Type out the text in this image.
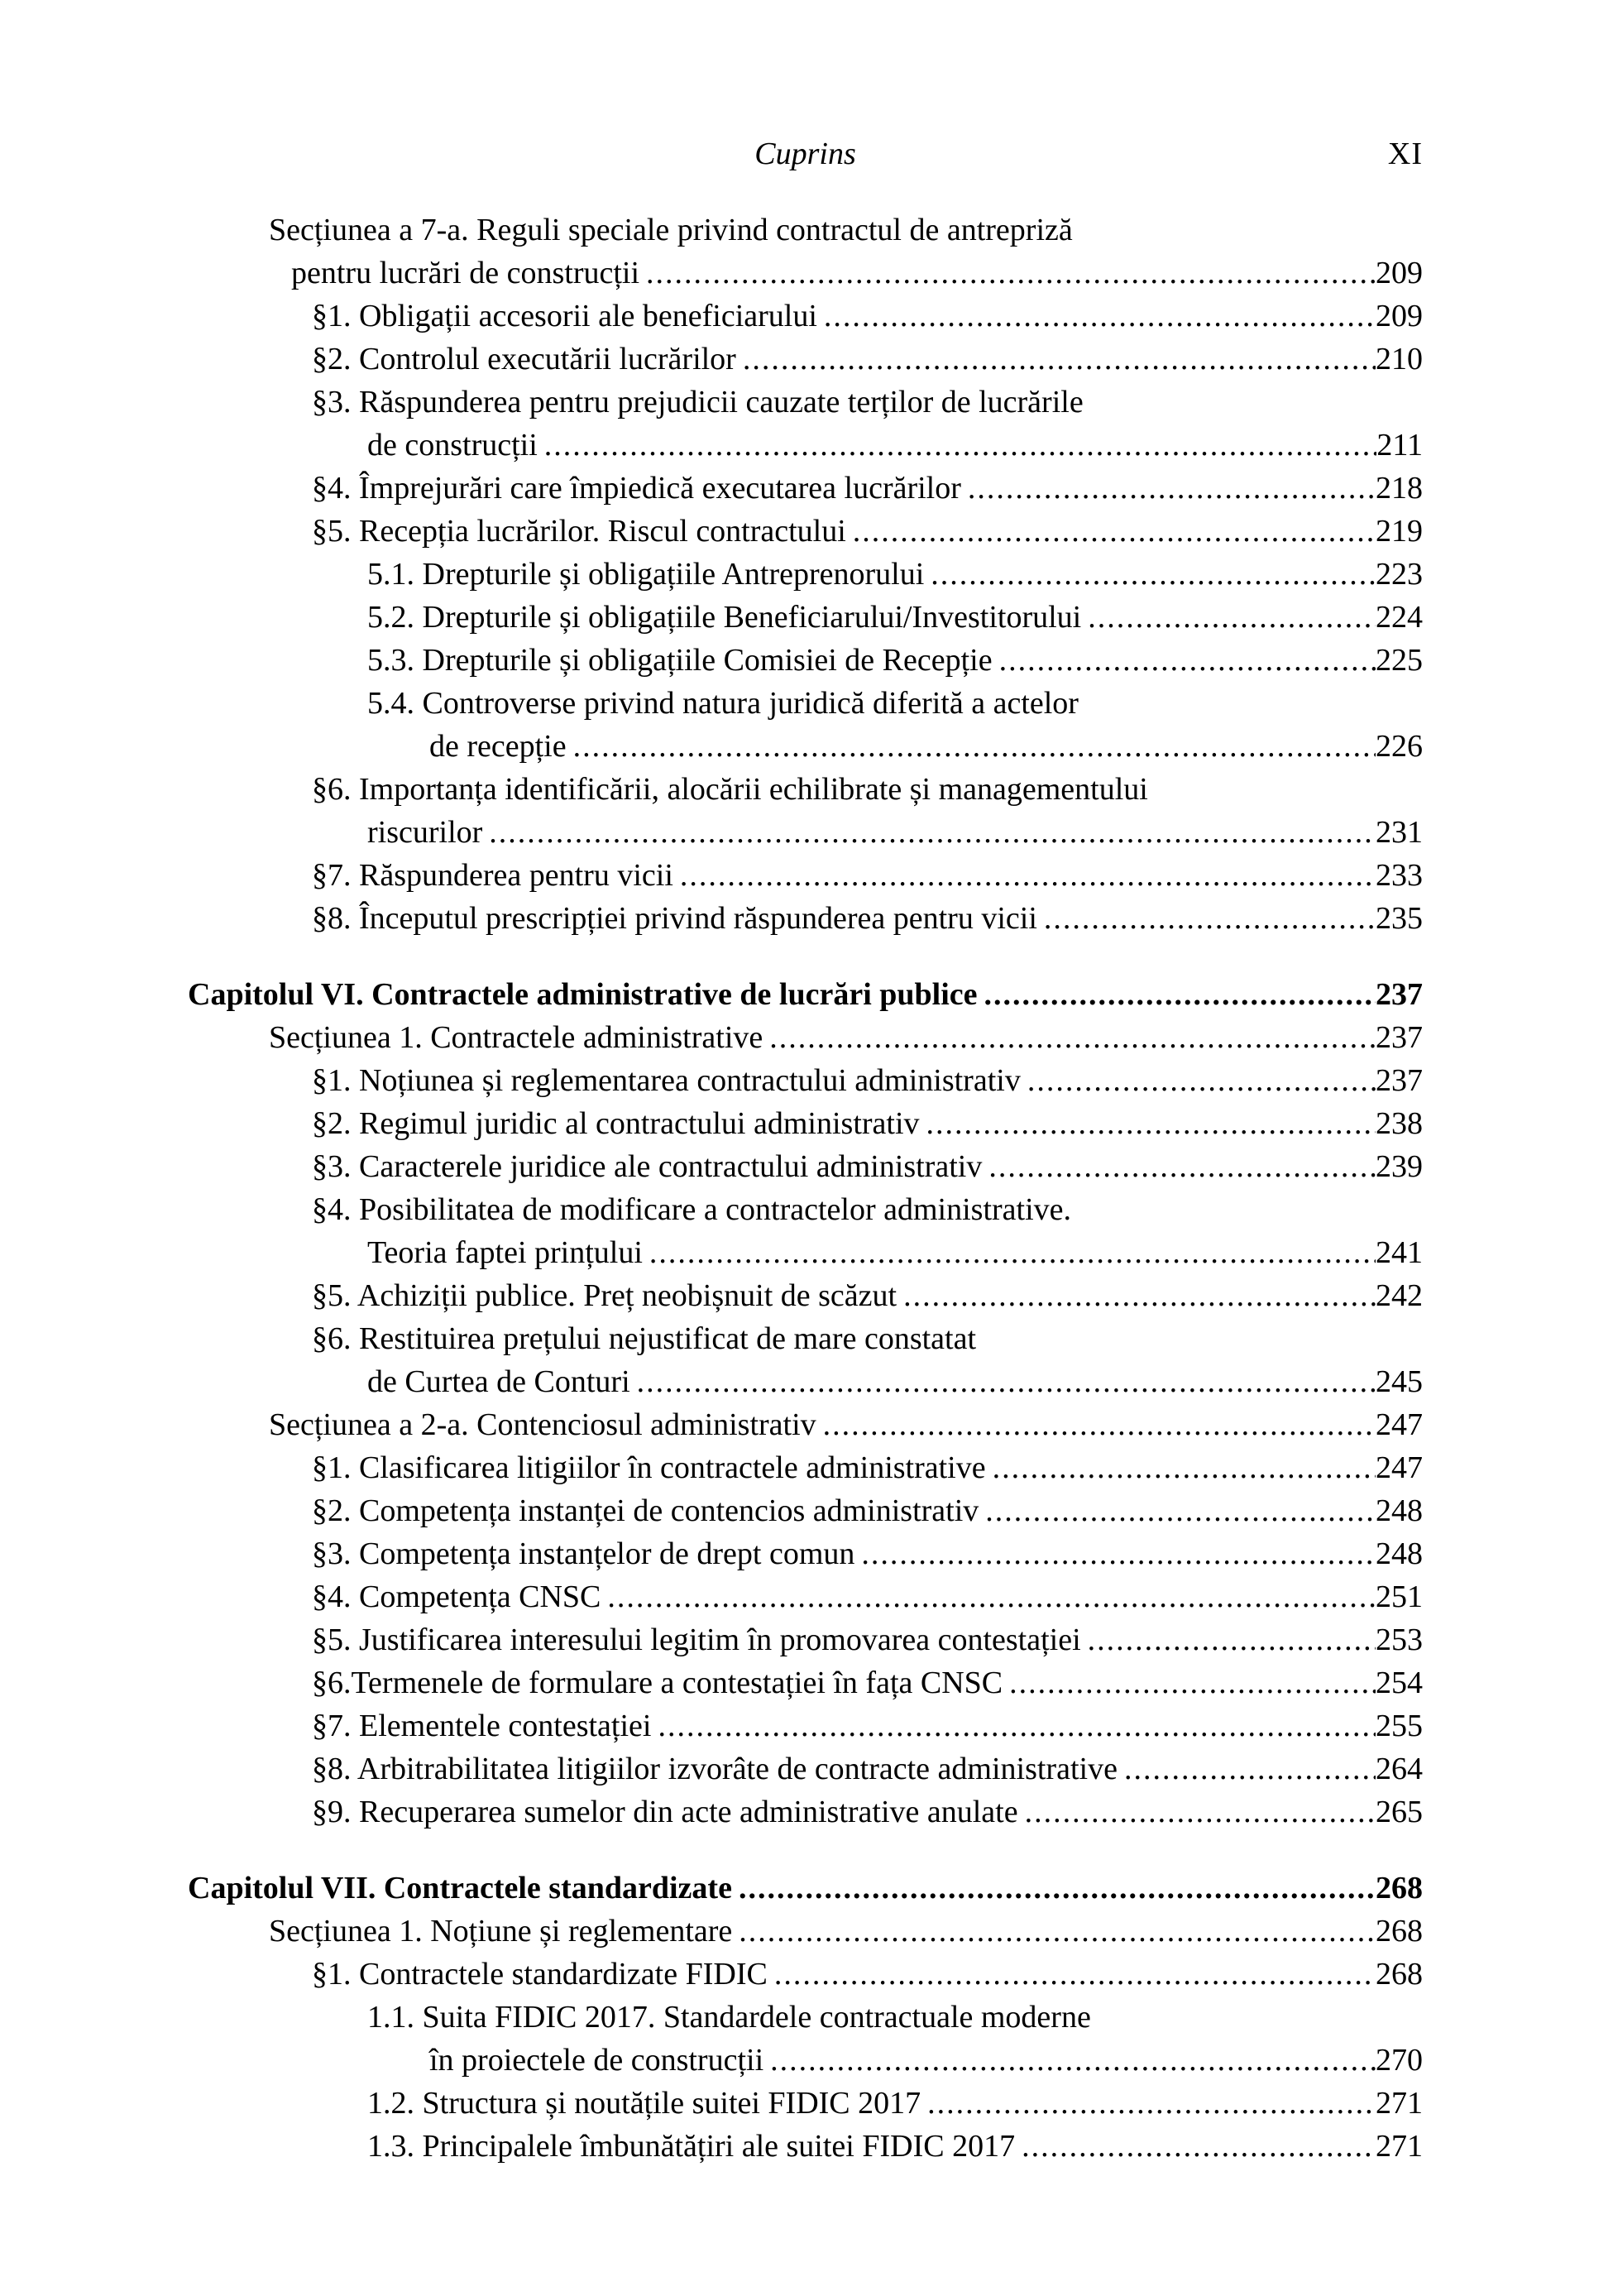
Cuprins	XI
Secțiunea a 7-a. Reguli speciale privind contractul de antrepriză
pentru lucrări de construcții .....	209
§1. Obligații accesorii ale beneficiarului .....	209
§2. Controlul executării lucrărilor .....	210
§3. Răspunderea pentru prejudicii cauzate terților de lucrările
de construcții .....	211
§4. Împrejurări care împiedică executarea lucrărilor .....	218
§5. Recepția lucrărilor. Riscul contractului .....	219
5.1. Drepturile și obligațiile Antreprenorului .....	223
5.2. Drepturile și obligațiile Beneficiarului/Investitorului .....	224
5.3. Drepturile și obligațiile Comisiei de Recepție .....	225
5.4. Controverse privind natura juridică diferită a actelor
de recepție .....	226
§6. Importanța identificării, alocării echilibrate și managementului
riscurilor .....	231
§7. Răspunderea pentru vicii .....	233
§8. Începutul prescripției privind răspunderea pentru vicii .....	235
Capitolul VI. Contractele administrative de lucrări publice .....	237
Secțiunea 1. Contractele administrative .....	237
§1. Noțiunea și reglementarea contractului administrativ .....	237
§2. Regimul juridic al contractului administrativ .....	238
§3. Caracterele juridice ale contractului administrativ .....	239
§4. Posibilitatea de modificare a contractelor administrative.
Teoria faptei prințului .....	241
§5. Achiziții publice. Preț neobișnuit de scăzut .....	242
§6. Restituirea prețului nejustificat de mare constatat
de Curtea de Conturi .....	245
Secțiunea a 2-a. Contenciosul administrativ .....	247
§1. Clasificarea litigiilor în contractele administrative .....	247
§2. Competența instanței de contencios administrativ .....	248
§3. Competența instanțelor de drept comun .....	248
§4. Competența CNSC .....	251
§5. Justificarea interesului legitim în promovarea contestației .....	253
§6.Termenele de formulare a contestației în fața CNSC .....	254
§7. Elementele contestației .....	255
§8. Arbitrabilitatea litigiilor izvorâte de contracte administrative .....	264
§9. Recuperarea sumelor din acte administrative anulate .....	265
Capitolul VII. Contractele standardizate .....	268
Secțiunea 1. Noțiune și reglementare .....	268
§1. Contractele standardizate FIDIC .....	268
1.1. Suita FIDIC 2017. Standardele contractuale moderne
în proiectele de construcții .....	270
1.2. Structura și noutățile suitei FIDIC 2017 .....	271
1.3. Principalele îmbunătățiri ale suitei FIDIC 2017 .....	271
